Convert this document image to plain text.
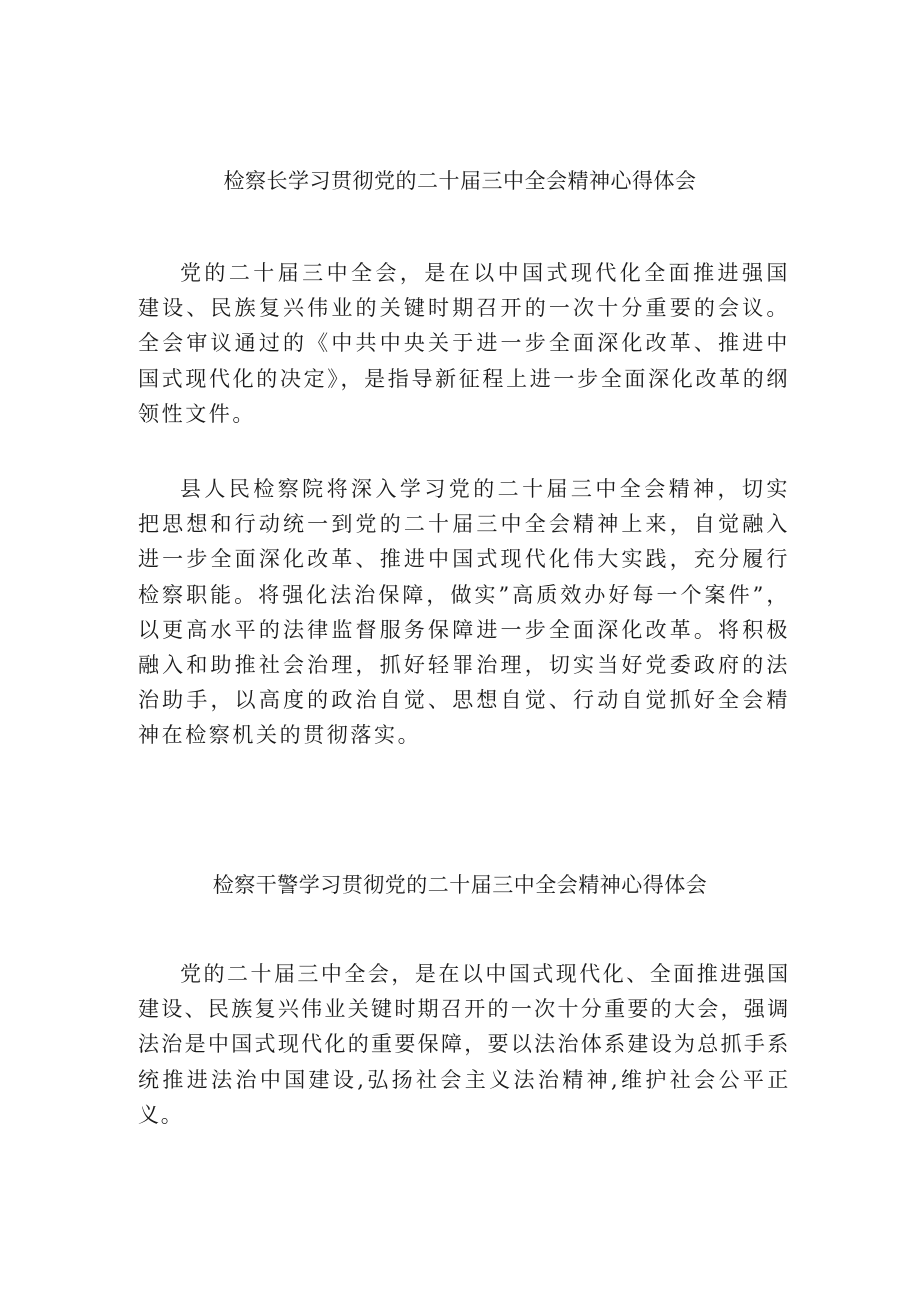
检察长学习贯彻党的二十届三中全会精神心得体会

党的二十届三中全会，是在以中国式现代化全面推进强国建设、民族复兴伟业的关键时期召开的一次十分重要的会议。全会审议通过的《中共中央关于进一步全面深化改革、推进中国式现代化的决定》，是指导新征程上进一步全面深化改革的纲领性文件。

县人民检察院将深入学习党的二十届三中全会精神，切实把思想和行动统一到党的二十届三中全会精神上来，自觉融入进一步全面深化改革、推进中国式现代化伟大实践，充分履行检察职能。将强化法治保障，做实”高质效办好每一个案件”，以更高水平的法律监督服务保障进一步全面深化改革。将积极融入和助推社会治理，抓好轻罪治理，切实当好党委政府的法治助手，以高度的政治自觉、思想自觉、行动自觉抓好全会精神在检察机关的贯彻落实。

检察干警学习贯彻党的二十届三中全会精神心得体会

党的二十届三中全会，是在以中国式现代化、全面推进强国建设、民族复兴伟业关键时期召开的一次十分重要的大会，强调法治是中国式现代化的重要保障，要以法治体系建设为总抓手系统推进法治中国建设,弘扬社会主义法治精神,维护社会公平正义。
